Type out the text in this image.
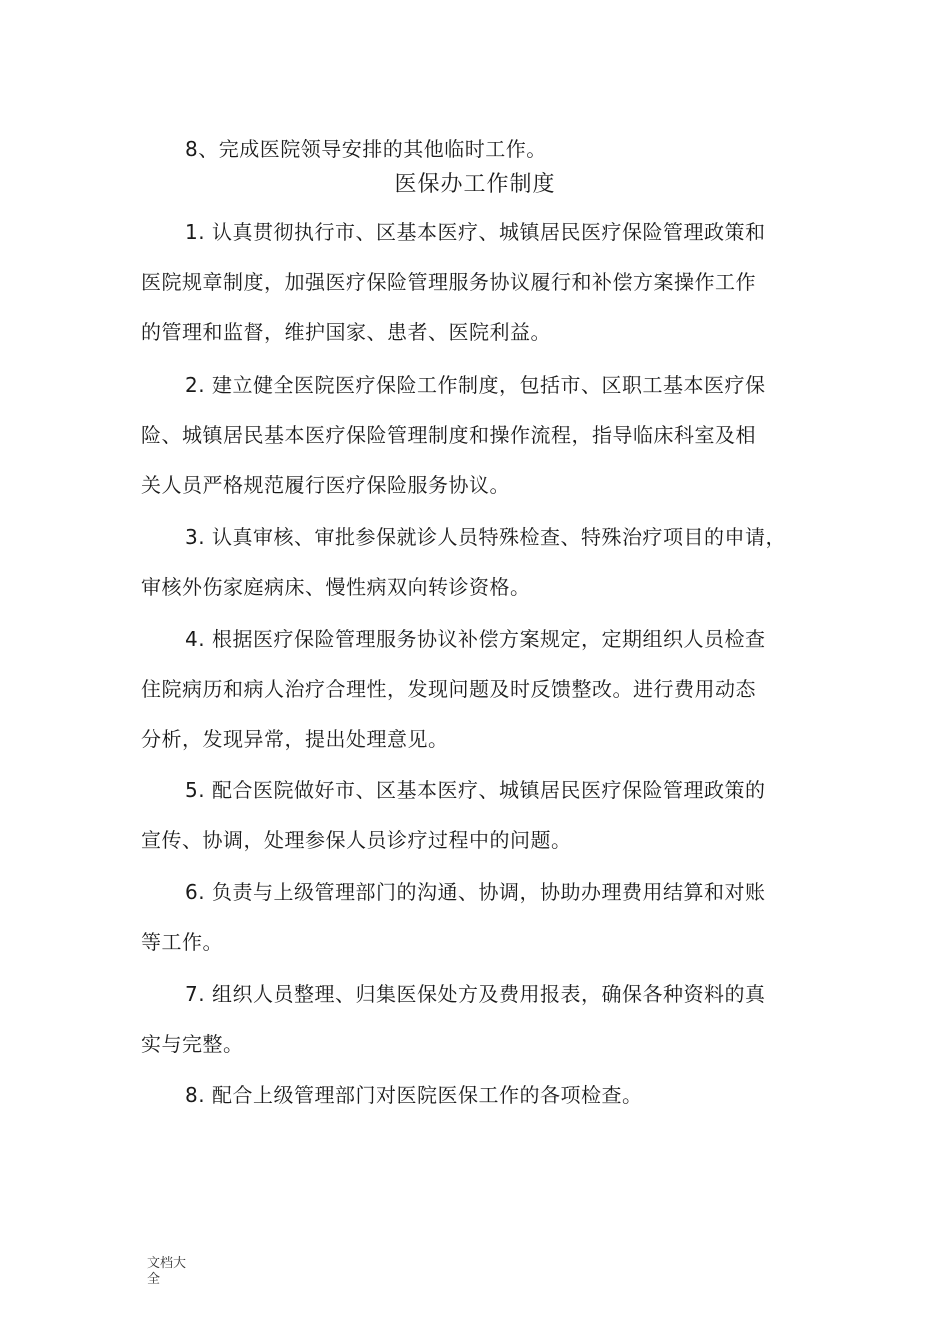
8、完成医院领导安排的其他临时工作。
医保办工作制度
1. 认真贯彻执行市、区基本医疗、城镇居民医疗保险管理政策和
医院规章制度，加强医疗保险管理服务协议履行和补偿方案操作工作
的管理和监督，维护国家、患者、医院利益。
2. 建立健全医院医疗保险工作制度，包括市、区职工基本医疗保
险、城镇居民基本医疗保险管理制度和操作流程，指导临床科室及相
关人员严格规范履行医疗保险服务协议。
3. 认真审核、审批参保就诊人员特殊检查、特殊治疗项目的申请，
审核外伤家庭病床、慢性病双向转诊资格。
4. 根据医疗保险管理服务协议补偿方案规定，定期组织人员检查
住院病历和病人治疗合理性，发现问题及时反馈整改。进行费用动态
分析，发现异常，提出处理意见。
5. 配合医院做好市、区基本医疗、城镇居民医疗保险管理政策的
宣传、协调，处理参保人员诊疗过程中的问题。
6. 负责与上级管理部门的沟通、协调，协助办理费用结算和对账
等工作。
7. 组织人员整理、归集医保处方及费用报表，确保各种资料的真
实与完整。
8. 配合上级管理部门对医院医保工作的各项检查。
文档大全
